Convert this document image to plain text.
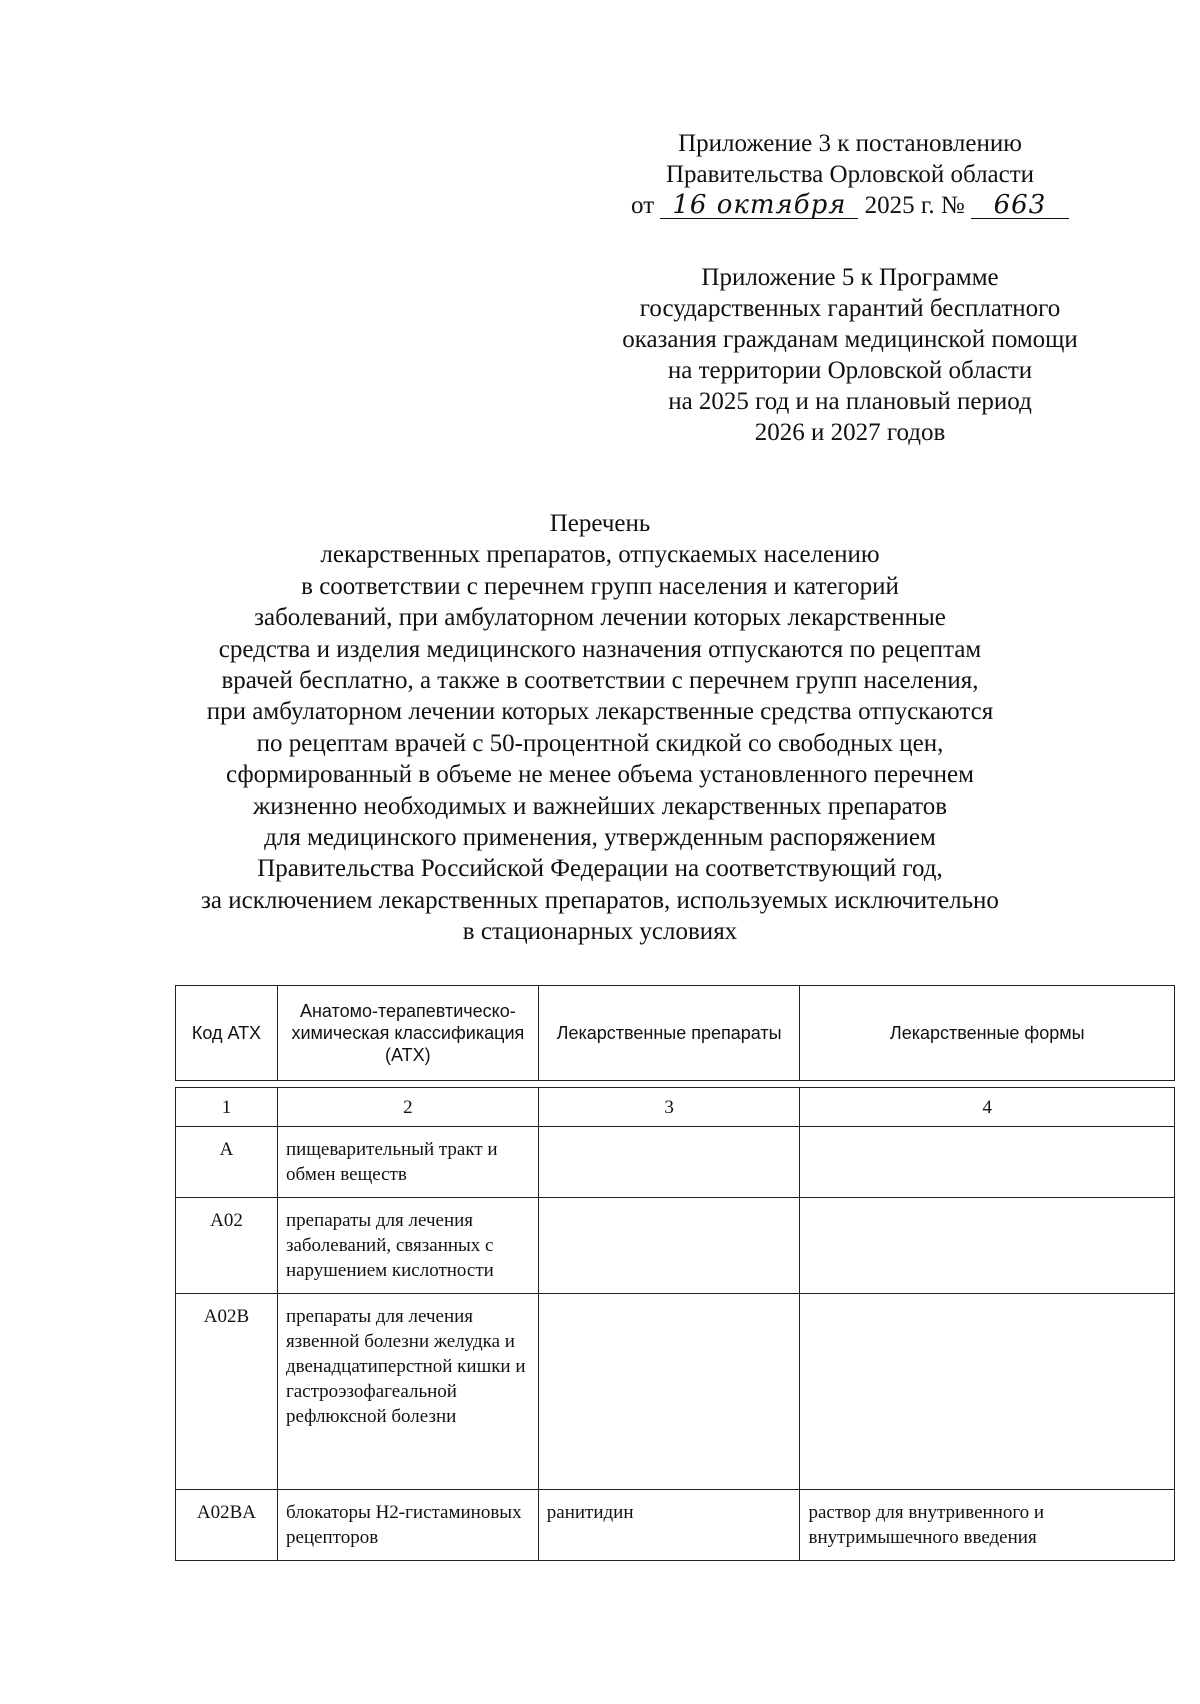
Приложение 3 к постановлению
Правительства Орловской области
от 16 октября 2025 г. № 663
Приложение 5 к Программе
государственных гарантий бесплатного
оказания гражданам медицинской помощи
на территории Орловской области
на 2025 год и на плановый период
2026 и 2027 годов
Перечень
лекарственных препаратов, отпускаемых населению
в соответствии с перечнем групп населения и категорий
заболеваний, при амбулаторном лечении которых лекарственные
средства и изделия медицинского назначения отпускаются по рецептам
врачей бесплатно, а также в соответствии с перечнем групп населения,
при амбулаторном лечении которых лекарственные средства отпускаются
по рецептам врачей с 50-процентной скидкой со свободных цен,
сформированный в объеме не менее объема установленного перечнем
жизненно необходимых и важнейших лекарственных препаратов
для медицинского применения, утвержденным распоряжением
Правительства Российской Федерации на соответствующий год,
за исключением лекарственных препаратов, используемых исключительно
в стационарных условиях
Код АТХ	Анатомо-терапевтическо-химическая классификация (АТХ)	Лекарственные препараты	Лекарственные формы

1	2	3	4
A	пищеварительный тракт и обмен веществ		
A02	препараты для лечения заболеваний, связанных с нарушением кислотности		
A02B	препараты для лечения язвенной болезни желудка и двенадцатиперстной кишки и гастроэзофагеальной рефлюксной болезни		
A02BA	блокаторы H2-гистаминовых рецепторов	ранитидин	раствор для внутривенного и внутримышечного введения
